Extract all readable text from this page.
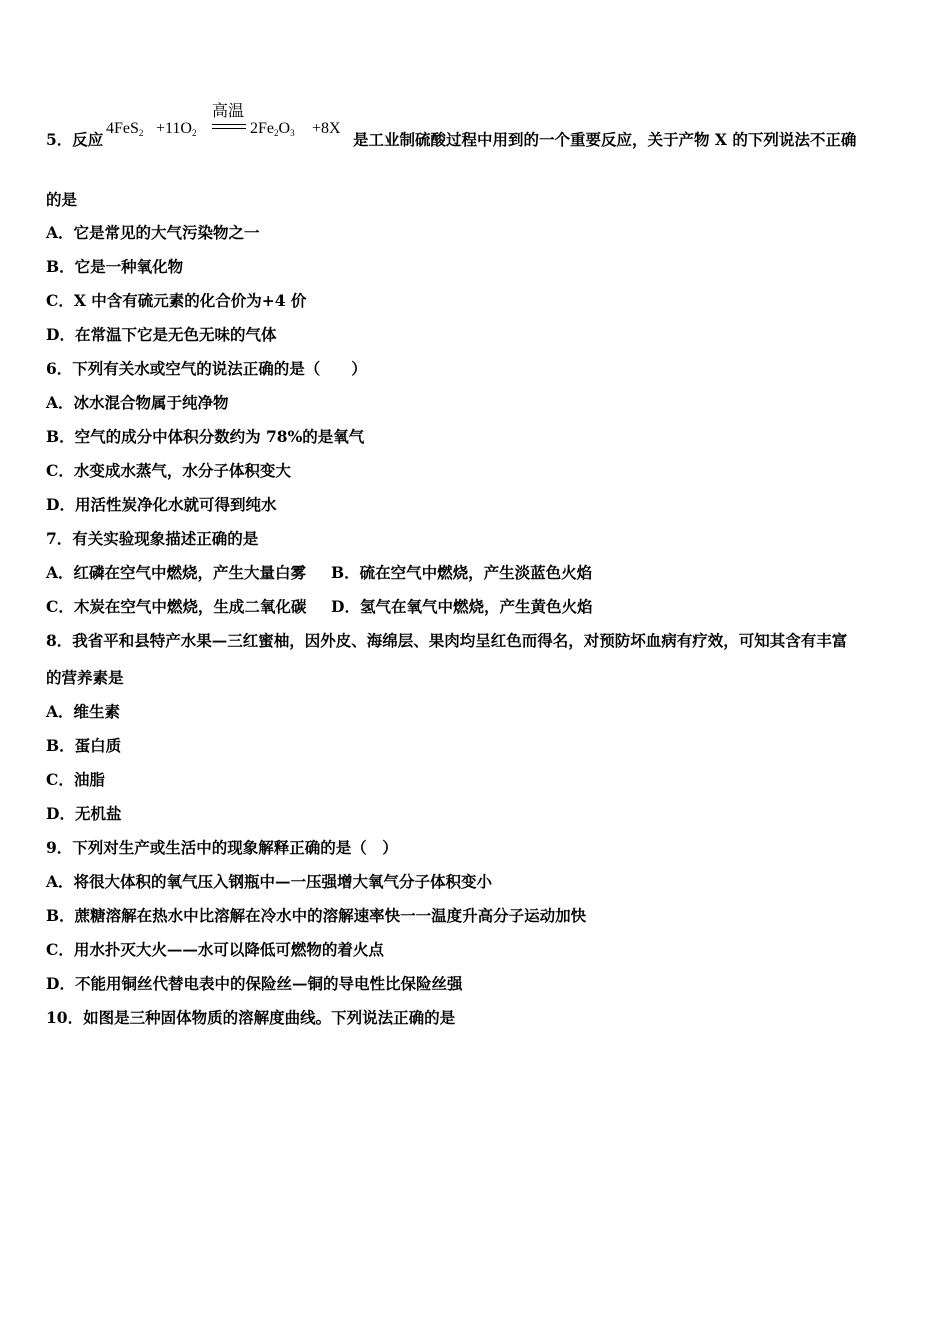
5．反应
$4FeS_2 +11O_2$
高温
$2Fe_2O_3 +8X$
是工业制硫酸过程中用到的一个重要反应，关于产物 X 的下列说法不正确
的是
A．它是常见的大气污染物之一
B．它是一种氧化物
C．X 中含有硫元素的化合价为+4 价
D．在常温下它是无色无味的气体
6．下列有关水或空气的说法正确的是（　　）
A．冰水混合物属于纯净物
B．空气的成分中体积分数约为 78%的是氧气
C．水变成水蒸气，水分子体积变大
D．用活性炭净化水就可得到纯水
7．有关实验现象描述正确的是
A．红磷在空气中燃烧，产生大量白雾 B．硫在空气中燃烧，产生淡蓝色火焰
C．木炭在空气中燃烧，生成二氧化碳 D．氢气在氧气中燃烧，产生黄色火焰
8．我省平和县特产水果—三红蜜柚，因外皮、海绵层、果肉均呈红色而得名，对预防坏血病有疗效，可知其含有丰富
的营养素是
A．维生素
B．蛋白质
C．油脂
D．无机盐
9．下列对生产或生活中的现象解释正确的是（　）
A．将很大体积的氧气压入钢瓶中—一压强增大氧气分子体积变小
B．蔗糖溶解在热水中比溶解在冷水中的溶解速率快一一温度升高分子运动加快
C．用水扑灭大火——水可以降低可燃物的着火点
D．不能用铜丝代替电表中的保险丝—铜的导电性比保险丝强
10．如图是三种固体物质的溶解度曲线。下列说法正确的是
